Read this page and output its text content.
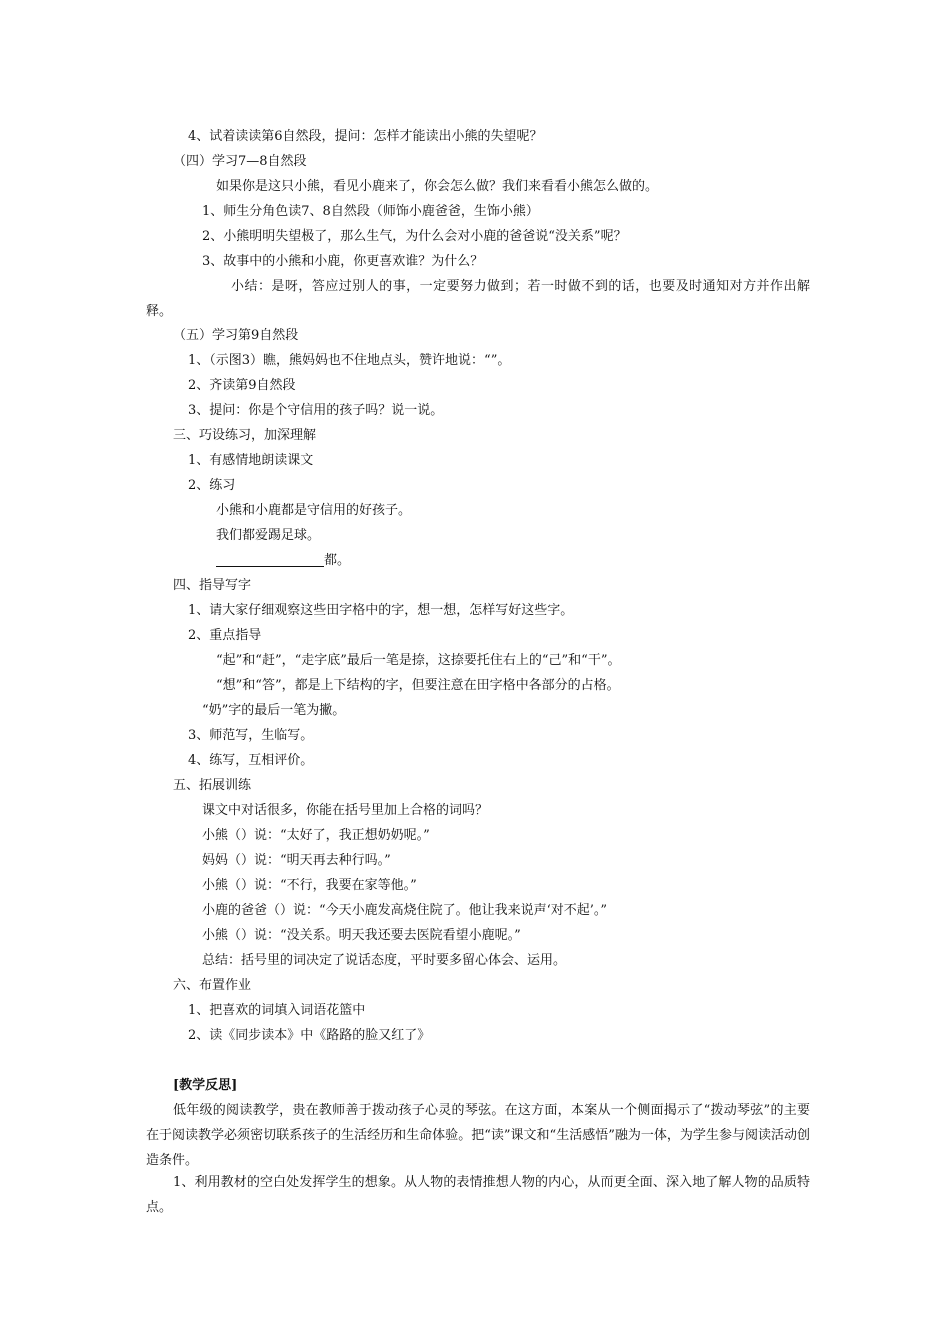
4、试着读读第6自然段，提问：怎样才能读出小熊的失望呢？
（四）学习7—8自然段
如果你是这只小熊，看见小鹿来了，你会怎么做？我们来看看小熊怎么做的。
1、师生分角色读7、8自然段（师饰小鹿爸爸，生饰小熊）
2、小熊明明失望极了，那么生气，为什么会对小鹿的爸爸说“没关系”呢？
3、故事中的小熊和小鹿，你更喜欢谁？为什么？
小结：是呀，答应过别人的事，一定要努力做到；若一时做不到的话，也要及时通知对方并作出解释。
（五）学习第9自然段
1、（示图3）瞧，熊妈妈也不住地点头，赞许地说：“”。
2、齐读第9自然段
3、提问：你是个守信用的孩子吗？说一说。
三、巧设练习，加深理解
1、有感情地朗读课文
2、练习
小熊和小鹿都是守信用的好孩子。
我们都爱踢足球。
都。
四、指导写字
1、请大家仔细观察这些田字格中的字，想一想，怎样写好这些字。
2、重点指导
“起”和“赶”，“走字底”最后一笔是捺，这捺要托住右上的“己”和“干”。
“想”和“答”，都是上下结构的字，但要注意在田字格中各部分的占格。
“奶”字的最后一笔为撇。
3、师范写，生临写。
4、练写，互相评价。
五、拓展训练
课文中对话很多，你能在括号里加上合格的词吗？
小熊（）说：“太好了，我正想奶奶呢。”
妈妈（）说：“明天再去种行吗。”
小熊（）说：“不行，我要在家等他。”
小鹿的爸爸（）说：“今天小鹿发高烧住院了。他让我来说声‘对不起’。”
小熊（）说：“没关系。明天我还要去医院看望小鹿呢。”
总结：括号里的词决定了说话态度，平时要多留心体会、运用。
六、布置作业
1、把喜欢的词填入词语花篮中
2、读《同步读本》中《路路的脸又红了》
[教学反思]
低年级的阅读教学，贵在教师善于拨动孩子心灵的琴弦。在这方面，本案从一个侧面揭示了“拨动琴弦”的主要在于阅读教学必须密切联系孩子的生活经历和生命体验。把“读”课文和“生活感悟”融为一体，为学生参与阅读活动创造条件。
1、利用教材的空白处发挥学生的想象。从人物的表情推想人物的内心，从而更全面、深入地了解人物的品质特点。
